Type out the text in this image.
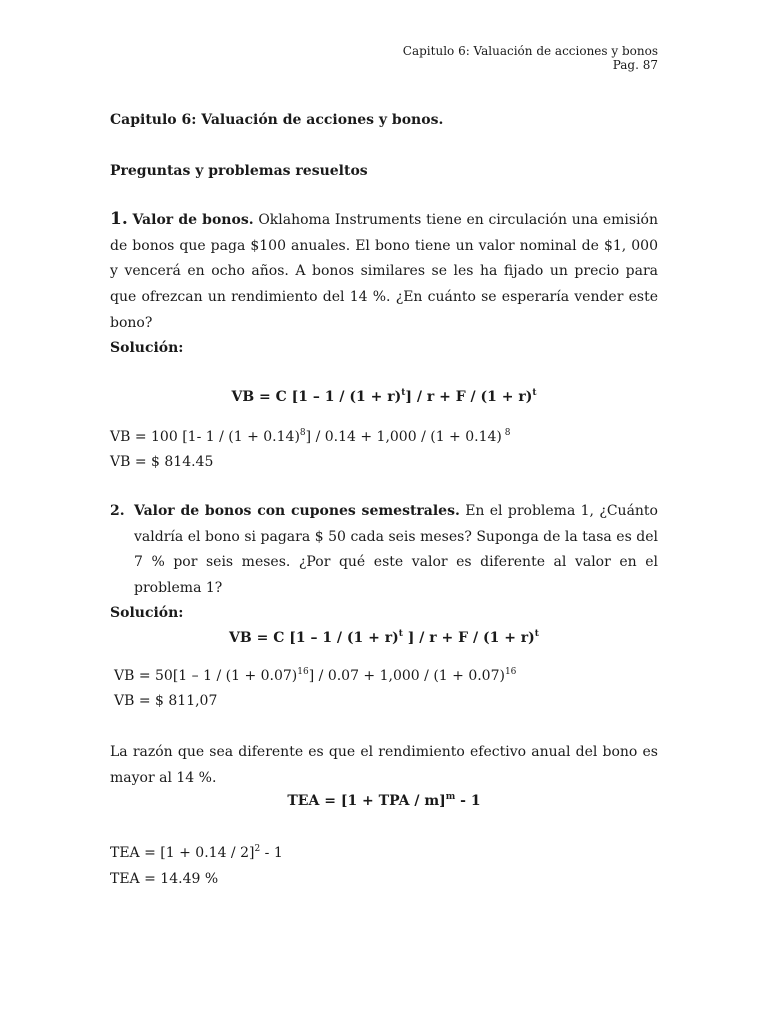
Capitulo 6: Valuación de acciones y bonos
Pag. 87
Capitulo 6: Valuación de acciones y bonos.
Preguntas y problemas resueltos
1. Valor de bonos. Oklahoma Instruments tiene en circulación una emisión de bonos que paga $100 anuales. El bono tiene un valor nominal de $1, 000 y vencerá en ocho años. A bonos similares se les ha fijado un precio para que ofrezcan un rendimiento del 14 %. ¿En cuánto se esperaría vender este bono?
Solución:
VB = C $[1 - 1 / (1 + r)^t] / r + F / (1 + r)^t$
VB = 100 [1- $1 / (1 + 0.14)^8] / 0.14 + 1,000 / (1 + 0.14)$ $^8$
VB = $ 814.45
2. Valor de bonos con cupones semestrales. En el problema 1, ¿Cuánto valdría el bono si pagara $ 50 cada seis meses? Suponga de la tasa es del 7 % por seis meses. ¿Por qué este valor es diferente al valor en el problema 1?
Solución:
VB = C [$1 - 1 / (1 + r)^t$ ] / $r + F / (1 + r)^t$
VB = $50[1 - 1 / (1 + 0.07)^{16}] / 0.07 + 1,000 / (1 + 0.07)^{16}$
VB = $ 811,07
La razón que sea diferente es que el rendimiento efectivo anual del bono es mayor al 14 %.
TEA = [1 + TPA / m]$^m$ - 1
TEA = $[1 + 0.14 / 2]^2 - 1$
TEA = 14.49 %
